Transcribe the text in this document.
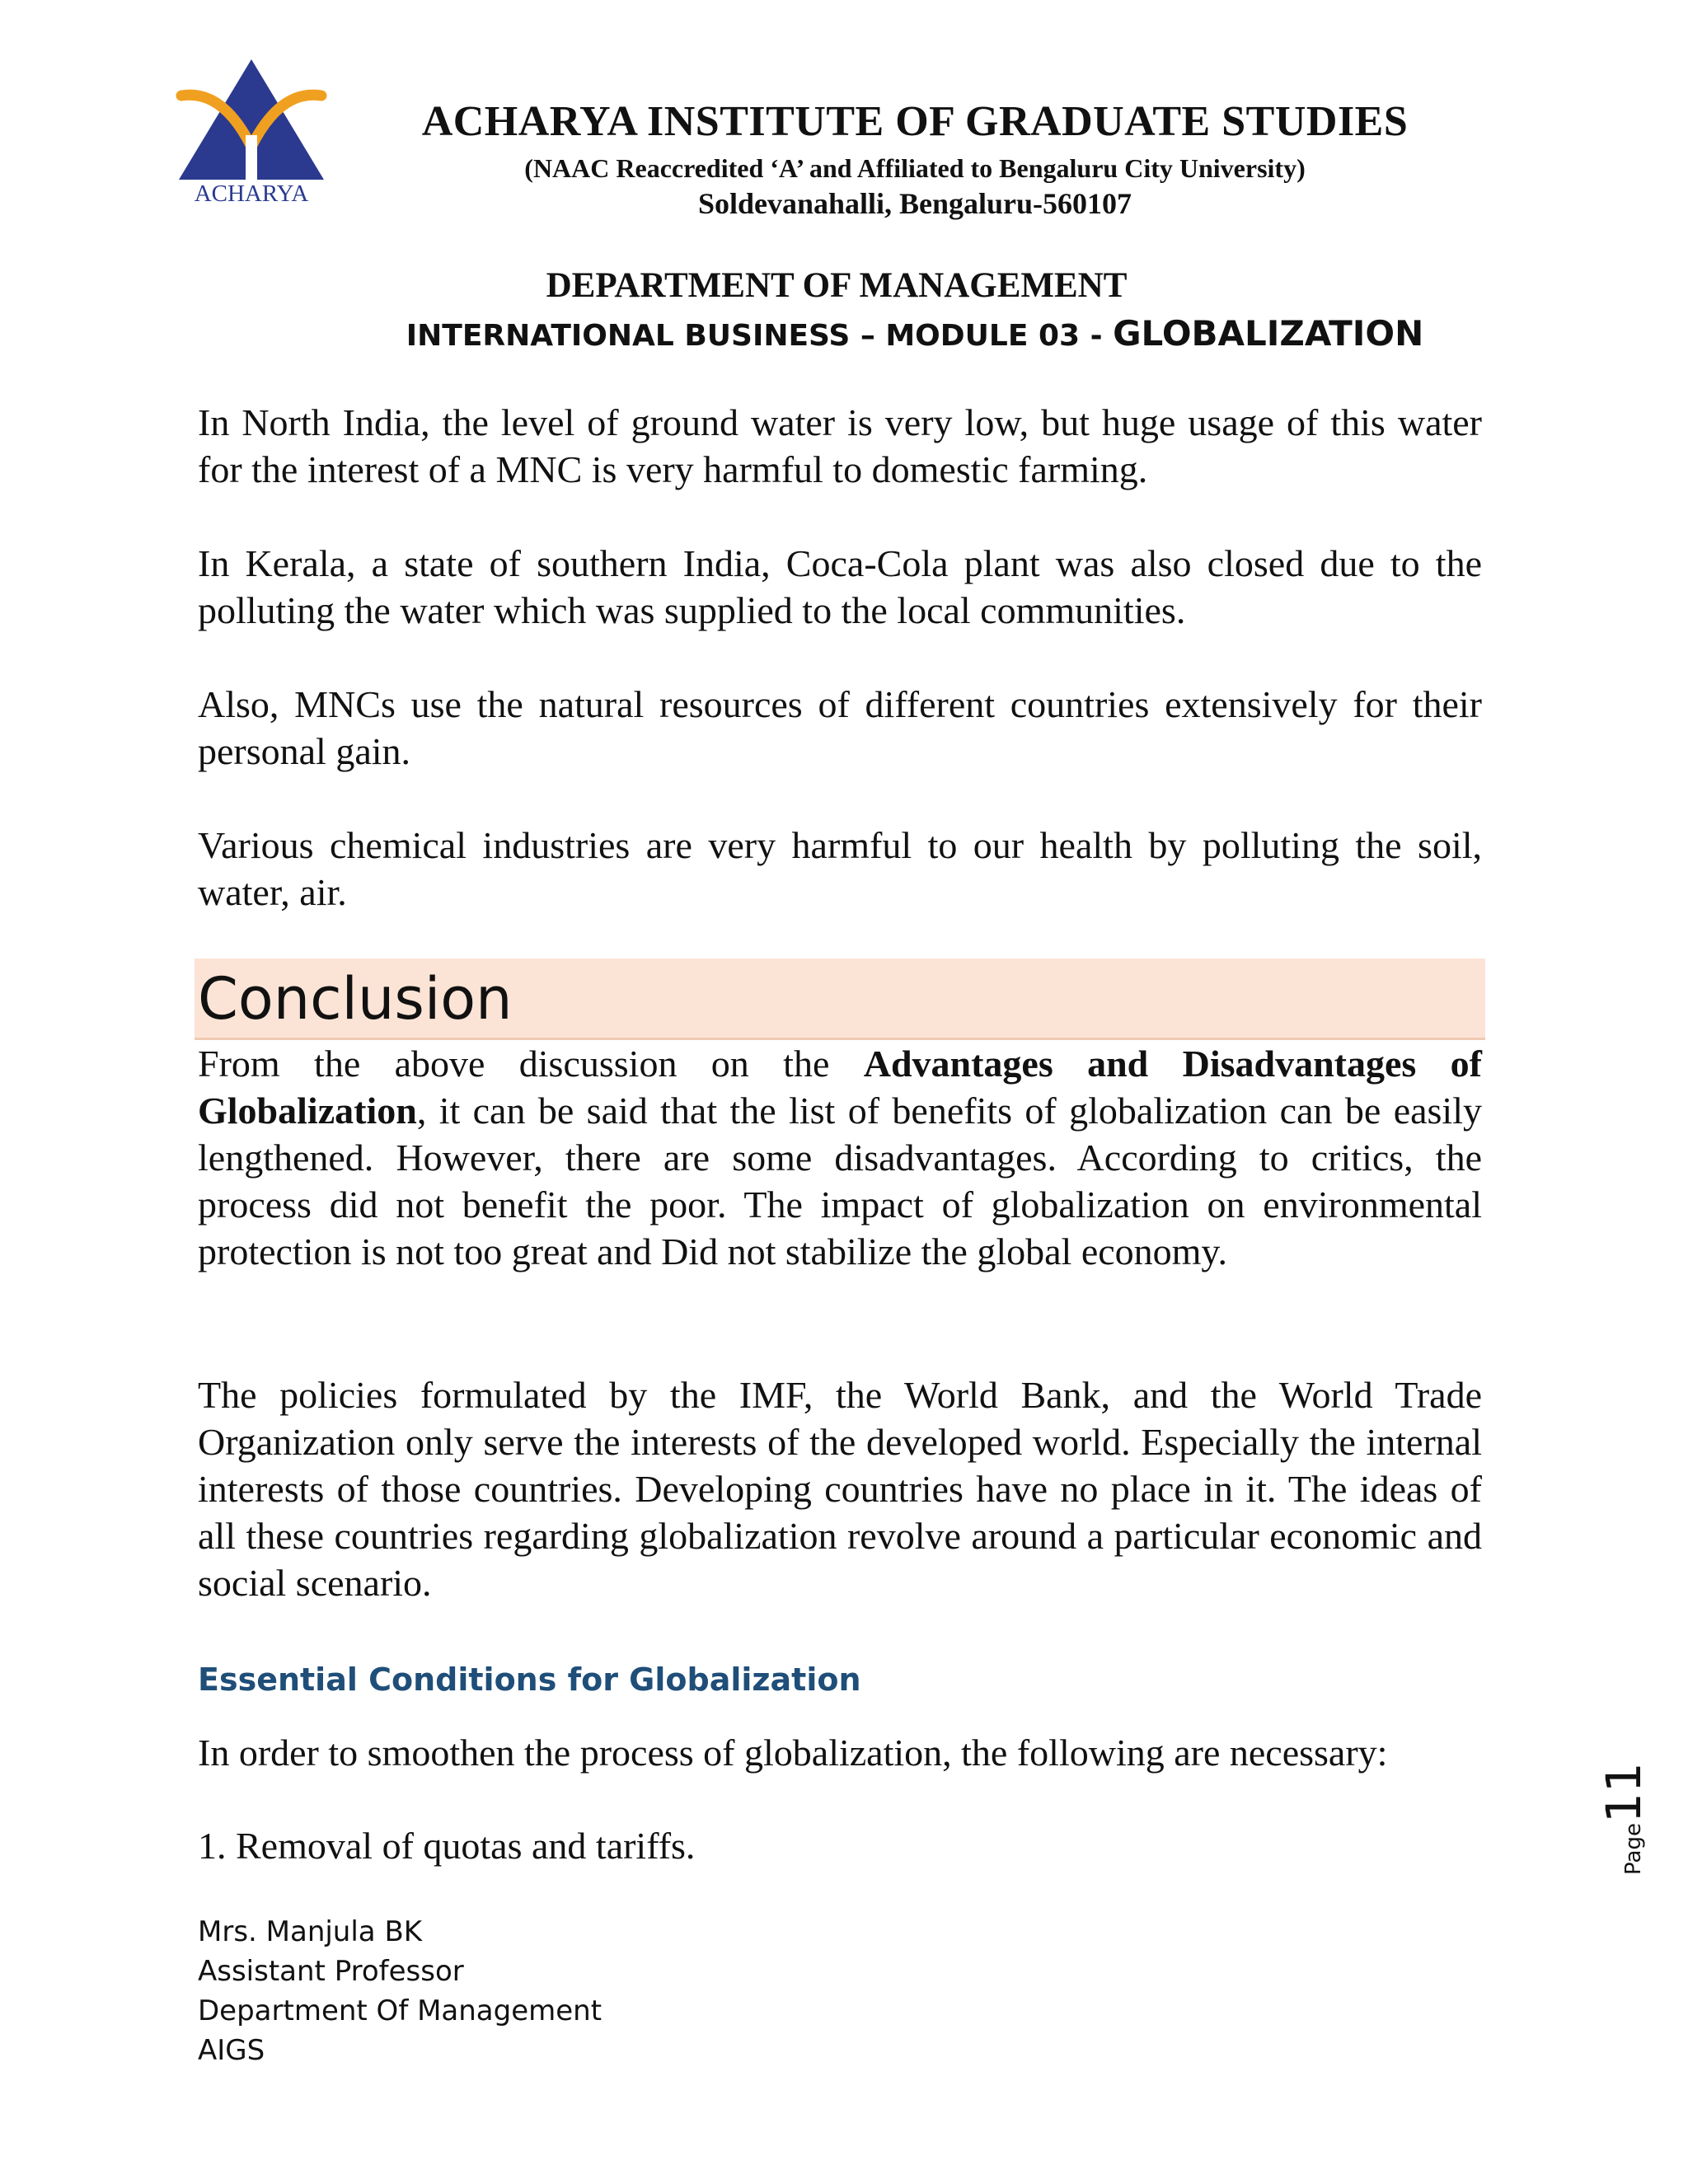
ACHARYA
ACHARYA INSTITUTE OF GRADUATE STUDIES
(NAAC Reaccredited ‘A’ and Affiliated to Bengaluru City University)
Soldevanahalli, Bengaluru-560107
DEPARTMENT OF MANAGEMENT
INTERNATIONAL BUSINESS – MODULE 03 - GLOBALIZATION
In North India, the level of ground water is very low, but huge usage of this water for the interest of a MNC is very harmful to domestic farming.
In Kerala, a state of southern India, Coca-Cola plant was also closed due to the polluting the water which was supplied to the local communities.
Also, MNCs use the natural resources of different countries extensively for their personal gain.
Various chemical industries are very harmful to our health by polluting the soil, water, air.
Conclusion
From the above discussion on the Advantages and Disadvantages of Globalization, it can be said that the list of benefits of globalization can be easily lengthened. However, there are some disadvantages. According to critics, the process did not benefit the poor. The impact of globalization on environmental protection is not too great and Did not stabilize the global economy.
The policies formulated by the IMF, the World Bank, and the World Trade Organization only serve the interests of the developed world. Especially the internal interests of those countries. Developing countries have no place in it. The ideas of all these countries regarding globalization revolve around a particular economic and social scenario.
Essential Conditions for Globalization
In order to smoothen the process of globalization, the following are necessary:
1. Removal of quotas and tariffs.
Mrs. Manjula BK
Assistant Professor
Department Of Management
AIGS
Page11
